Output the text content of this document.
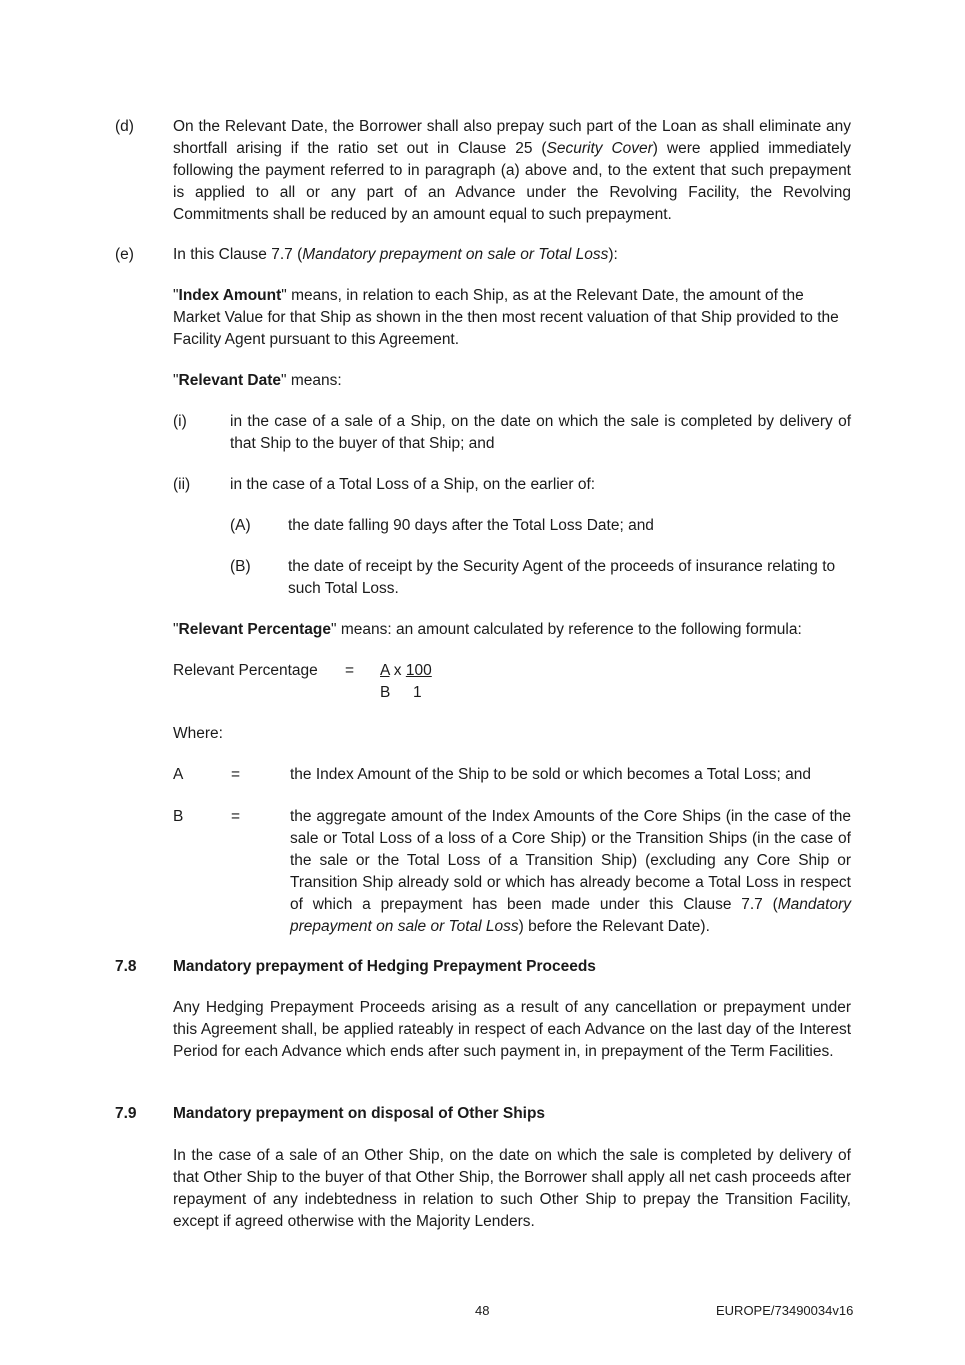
(d)	On the Relevant Date, the Borrower shall also prepay such part of the Loan as shall eliminate any shortfall arising if the ratio set out in Clause 25 (Security Cover) were applied immediately following the payment referred to in paragraph (a) above and, to the extent that such prepayment is applied to all or any part of an Advance under the Revolving Facility, the Revolving Commitments shall be reduced by an amount equal to such prepayment.
(e)	In this Clause 7.7 (Mandatory prepayment on sale or Total Loss):
"Index Amount" means, in relation to each Ship, as at the Relevant Date, the amount of the Market Value for that Ship as shown in the then most recent valuation of that Ship provided to the Facility Agent pursuant to this Agreement.
"Relevant Date" means:
(i)	in the case of a sale of a Ship, on the date on which the sale is completed by delivery of that Ship to the buyer of that Ship; and
(ii)	in the case of a Total Loss of a Ship, on the earlier of:
(A) the date falling 90 days after the Total Loss Date; and
(B) the date of receipt by the Security Agent of the proceeds of insurance relating to such Total Loss.
"Relevant Percentage" means: an amount calculated by reference to the following formula:
Relevant Percentage = A x 100
B 1
Where:
A	=	the Index Amount of the Ship to be sold or which becomes a Total Loss; and
B	=	the aggregate amount of the Index Amounts of the Core Ships (in the case of the sale or Total Loss of a loss of a Core Ship) or the Transition Ships (in the case of the sale or the Total Loss of a Transition Ship) (excluding any Core Ship or Transition Ship already sold or which has already become a Total Loss in respect of which a prepayment has been made under this Clause 7.7 (Mandatory prepayment on sale or Total Loss) before the Relevant Date).
7.8 Mandatory prepayment of Hedging Prepayment Proceeds
Any Hedging Prepayment Proceeds arising as a result of any cancellation or prepayment under this Agreement shall, be applied rateably in respect of each Advance on the last day of the Interest Period for each Advance which ends after such payment in, in prepayment of the Term Facilities.
7.9 Mandatory prepayment on disposal of Other Ships
In the case of a sale of an Other Ship, on the date on which the sale is completed by delivery of that Other Ship to the buyer of that Other Ship, the Borrower shall apply all net cash proceeds after repayment of any indebtedness in relation to such Other Ship to prepay the Transition Facility, except if agreed otherwise with the Majority Lenders.
48	EUROPE/73490034v16
